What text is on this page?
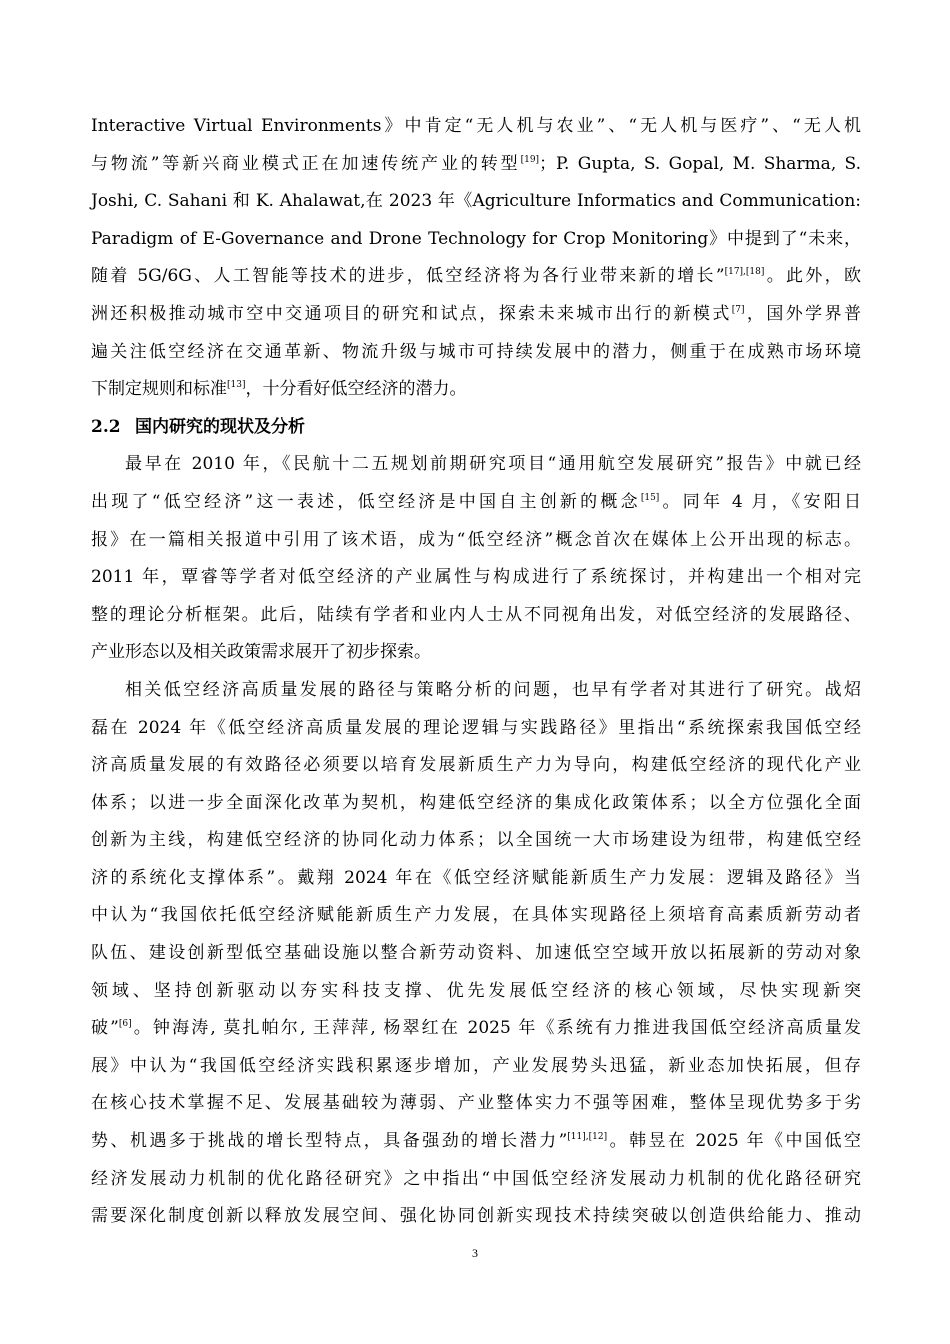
Interactive Virtual Environments》中肯定“无人机与农业”、“无人机与医疗”、“无人机
与物流”等新兴商业模式正在加速传统产业的转型[19]；P. Gupta, S. Gopal, M. Sharma, S.
Joshi, C. Sahani 和 K. Ahalawat,在 2023 年《Agriculture Informatics and Communication:
Paradigm of E-Governance and Drone Technology for Crop Monitoring》中提到了“未来，
随着 5G/6G、人工智能等技术的进步，低空经济将为各行业带来新的增长”[17],[18]。此外，欧
洲还积极推动城市空中交通项目的研究和试点，探索未来城市出行的新模式[7]，国外学界普
遍关注低空经济在交通革新、物流升级与城市可持续发展中的潜力，侧重于在成熟市场环境
下制定规则和标准[13]，十分看好低空经济的潜力。
2.2 国内研究的现状及分析
最早在 2010 年，《民航十二五规划前期研究项目“通用航空发展研究”报告》中就已经
出现了“低空经济”这一表述，低空经济是中国自主创新的概念[15]。同年 4 月，《安阳日
报》在一篇相关报道中引用了该术语，成为“低空经济”概念首次在媒体上公开出现的标志。
2011 年，覃睿等学者对低空经济的产业属性与构成进行了系统探讨，并构建出一个相对完
整的理论分析框架。此后，陆续有学者和业内人士从不同视角出发，对低空经济的发展路径、
产业形态以及相关政策需求展开了初步探索。
相关低空经济高质量发展的路径与策略分析的问题，也早有学者对其进行了研究。战炤
磊在 2024 年《低空经济高质量发展的理论逻辑与实践路径》里指出“系统探索我国低空经
济高质量发展的有效路径必须要以培育发展新质生产力为导向，构建低空经济的现代化产业
体系；以进一步全面深化改革为契机，构建低空经济的集成化政策体系；以全方位强化全面
创新为主线，构建低空经济的协同化动力体系；以全国统一大市场建设为纽带，构建低空经
济的系统化支撑体系”。戴翔 2024 年在《低空经济赋能新质生产力发展：逻辑及路径》当
中认为“我国依托低空经济赋能新质生产力发展，在具体实现路径上须培育高素质新劳动者
队伍、建设创新型低空基础设施以整合新劳动资料、加速低空空域开放以拓展新的劳动对象
领域、坚持创新驱动以夯实科技支撑、优先发展低空经济的核心领域，尽快实现新突
破”[6]。钟海涛, 莫扎帕尔, 王萍萍, 杨翠红在 2025 年《系统有力推进我国低空经济高质量发
展》中认为“我国低空经济实践积累逐步增加，产业发展势头迅猛，新业态加快拓展，但存
在核心技术掌握不足、发展基础较为薄弱、产业整体实力不强等困难，整体呈现优势多于劣
势、机遇多于挑战的增长型特点，具备强劲的增长潜力”[11],[12]。韩昱在 2025 年《中国低空
经济发展动力机制的优化路径研究》之中指出“中国低空经济发展动力机制的优化路径研究
需要深化制度创新以释放发展空间、强化协同创新实现技术持续突破以创造供给能力、推动
3
